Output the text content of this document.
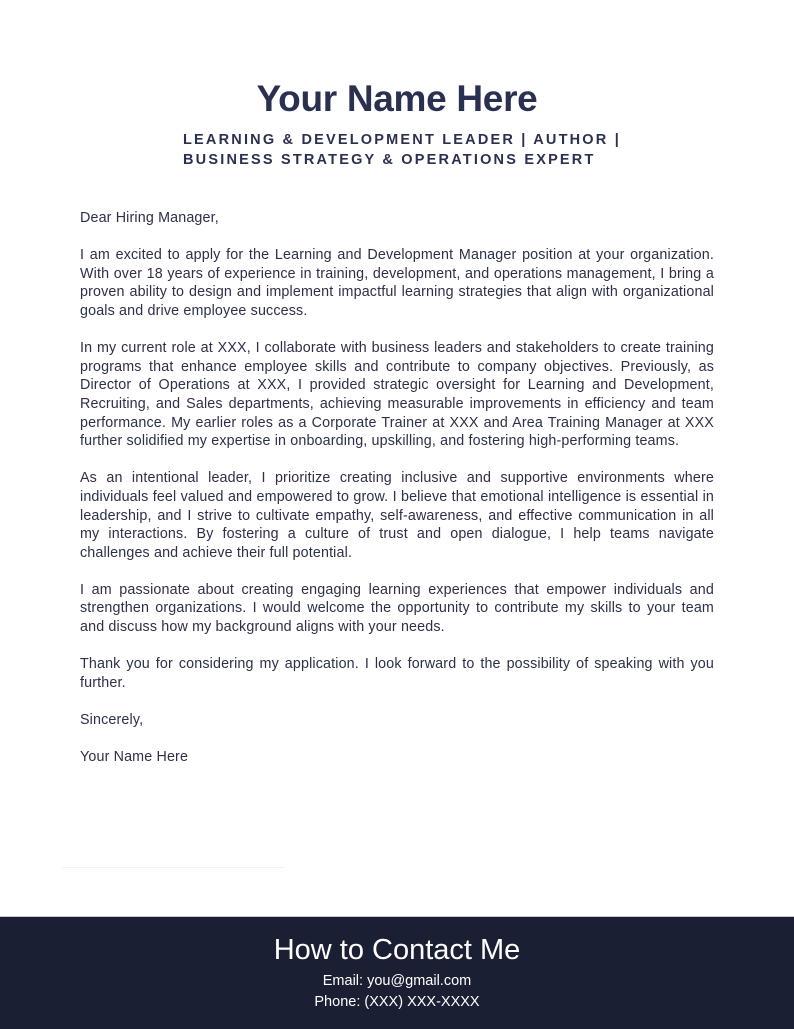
Your Name Here
LEARNING & DEVELOPMENT LEADER | AUTHOR |
BUSINESS STRATEGY & OPERATIONS EXPERT

Dear Hiring Manager,

I am excited to apply for the Learning and Development Manager position at your organization. With over 18 years of experience in training, development, and operations management, I bring a proven ability to design and implement impactful learning strategies that align with organizational goals and drive employee success.

In my current role at XXX, I collaborate with business leaders and stakeholders to create training programs that enhance employee skills and contribute to company objectives. Previously, as Director of Operations at XXX, I provided strategic oversight for Learning and Development, Recruiting, and Sales departments, achieving measurable improvements in efficiency and team performance. My earlier roles as a Corporate Trainer at XXX and Area Training Manager at XXX further solidified my expertise in onboarding, upskilling, and fostering high-performing teams.

As an intentional leader, I prioritize creating inclusive and supportive environments where individuals feel valued and empowered to grow. I believe that emotional intelligence is essential in leadership, and I strive to cultivate empathy, self-awareness, and effective communication in all my interactions. By fostering a culture of trust and open dialogue, I help teams navigate challenges and achieve their full potential.

I am passionate about creating engaging learning experiences that empower individuals and strengthen organizations. I would welcome the opportunity to contribute my skills to your team and discuss how my background aligns with your needs.

Thank you for considering my application. I look forward to the possibility of speaking with you further.

Sincerely,

Your Name Here

How to Contact Me
Email: you@gmail.com
Phone: (XXX) XXX-XXXX
